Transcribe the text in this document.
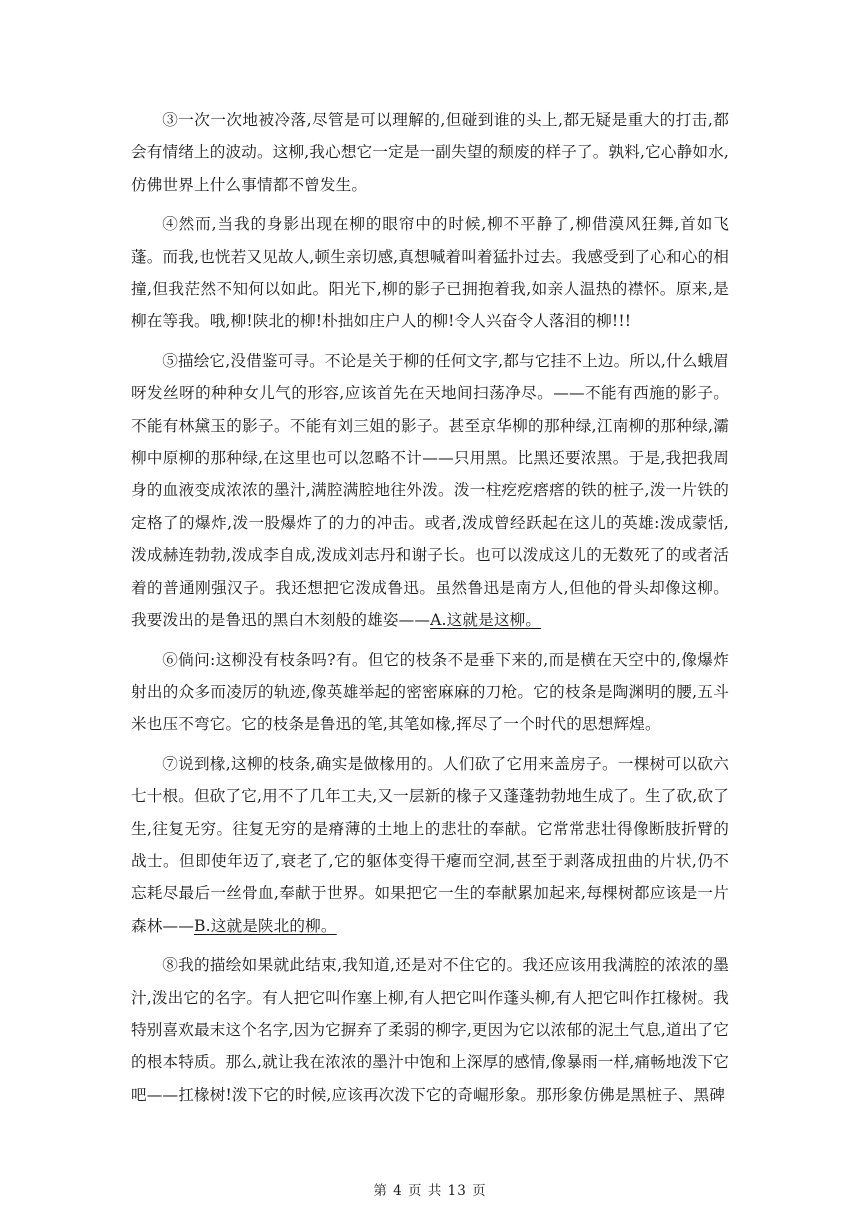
③一次一次地被冷落,尽管是可以理解的,但碰到谁的头上,都无疑是重大的打击,都会有情绪上的波动。这柳,我心想它一定是一副失望的颓废的样子了。孰料,它心静如水,仿佛世界上什么事情都不曾发生。

④然而,当我的身影出现在柳的眼帘中的时候,柳不平静了,柳借漠风狂舞,首如飞蓬。而我,也恍若又见故人,顿生亲切感,真想喊着叫着猛扑过去。我感受到了心和心的相撞,但我茫然不知何以如此。阳光下,柳的影子已拥抱着我,如亲人温热的襟怀。原来,是柳在等我。哦,柳!陕北的柳!朴拙如庄户人的柳!令人兴奋令人落泪的柳!!!

⑤描绘它,没借鉴可寻。不论是关于柳的任何文字,都与它挂不上边。所以,什么蛾眉呀发丝呀的种种女儿气的形容,应该首先在天地间扫荡净尽。——不能有西施的影子。不能有林黛玉的影子。不能有刘三姐的影子。甚至京华柳的那种绿,江南柳的那种绿,灞柳中原柳的那种绿,在这里也可以忽略不计——只用黑。比黑还要浓黑。于是,我把我周身的血液变成浓浓的墨汁,满腔满腔地往外泼。泼一柱疙疙瘩瘩的铁的桩子,泼一片铁的定格了的爆炸,泼一股爆炸了的力的冲击。或者,泼成曾经跃起在这儿的英雄:泼成蒙恬,泼成赫连勃勃,泼成李自成,泼成刘志丹和谢子长。也可以泼成这儿的无数死了的或者活着的普通刚强汉子。我还想把它泼成鲁迅。虽然鲁迅是南方人,但他的骨头却像这柳。我要泼出的是鲁迅的黑白木刻般的雄姿——A.这就是这柳。

⑥倘问:这柳没有枝条吗?有。但它的枝条不是垂下来的,而是横在天空中的,像爆炸射出的众多而凌厉的轨迹,像英雄举起的密密麻麻的刀枪。它的枝条是陶渊明的腰,五斗米也压不弯它。它的枝条是鲁迅的笔,其笔如椽,挥尽了一个时代的思想辉煌。

⑦说到椽,这柳的枝条,确实是做椽用的。人们砍了它用来盖房子。一棵树可以砍六七十根。但砍了它,用不了几年工夫,又一层新的椽子又蓬蓬勃勃地生成了。生了砍,砍了生,往复无穷。往复无穷的是瘠薄的土地上的悲壮的奉献。它常常悲壮得像断肢折臂的战士。但即使年迈了,衰老了,它的躯体变得干瘪而空洞,甚至于剥落成扭曲的片状,仍不忘耗尽最后一丝骨血,奉献于世界。如果把它一生的奉献累加起来,每棵树都应该是一片森林——B.这就是陕北的柳。

⑧我的描绘如果就此结束,我知道,还是对不住它的。我还应该用我满腔的浓浓的墨汁,泼出它的名字。有人把它叫作塞上柳,有人把它叫作蓬头柳,有人把它叫作扛椽树。我特别喜欢最末这个名字,因为它摒弃了柔弱的柳字,更因为它以浓郁的泥土气息,道出了它的根本特质。那么,就让我在浓浓的墨汁中饱和上深厚的感情,像暴雨一样,痛畅地泼下它吧——扛椽树!泼下它的时候,应该再次泼下它的奇崛形象。那形象仿佛是黑桩子、黑碑

第 4 页 共 13 页
